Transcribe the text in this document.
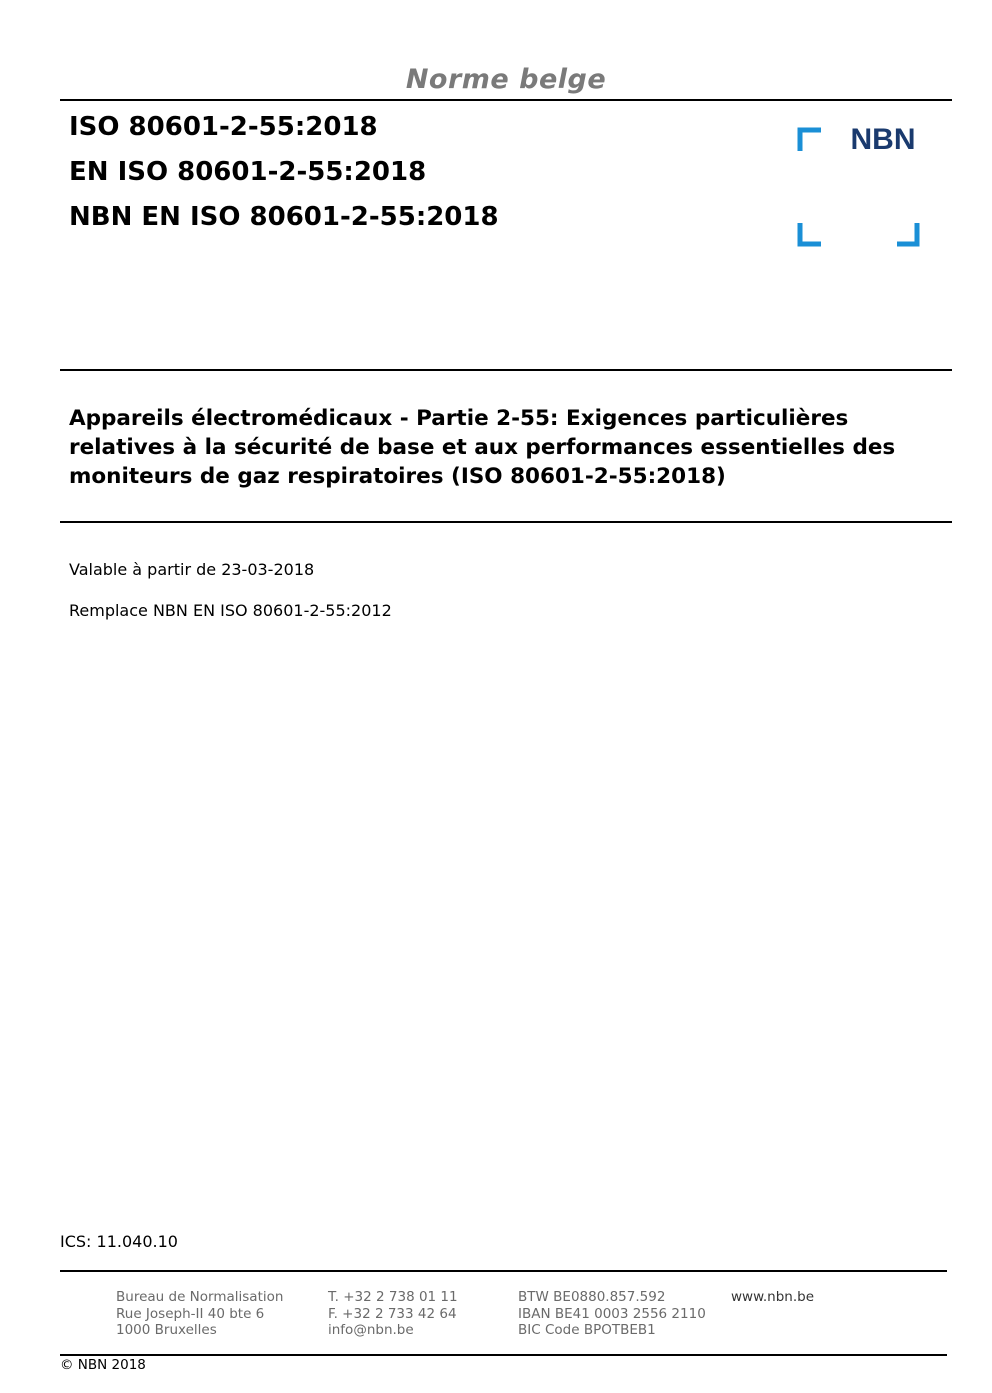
Norme belge
ISO 80601-2-55:2018
EN ISO 80601-2-55:2018
NBN EN ISO 80601-2-55:2018
NBN
Appareils électromédicaux - Partie 2-55: Exigences particulières relatives à la sécurité de base et aux performances essentielles des moniteurs de gaz respiratoires (ISO 80601-2-55:2018)
Valable à partir de 23-03-2018
Remplace NBN EN ISO 80601-2-55:2012
ICS: 11.040.10
Bureau de Normalisation
Rue Joseph-II 40 bte 6
1000 Bruxelles
T. +32 2 738 01 11
F. +32 2 733 42 64
info@nbn.be
BTW BE0880.857.592
IBAN BE41 0003 2556 2110
BIC Code BPOTBEB1
www.nbn.be
© NBN 2018
